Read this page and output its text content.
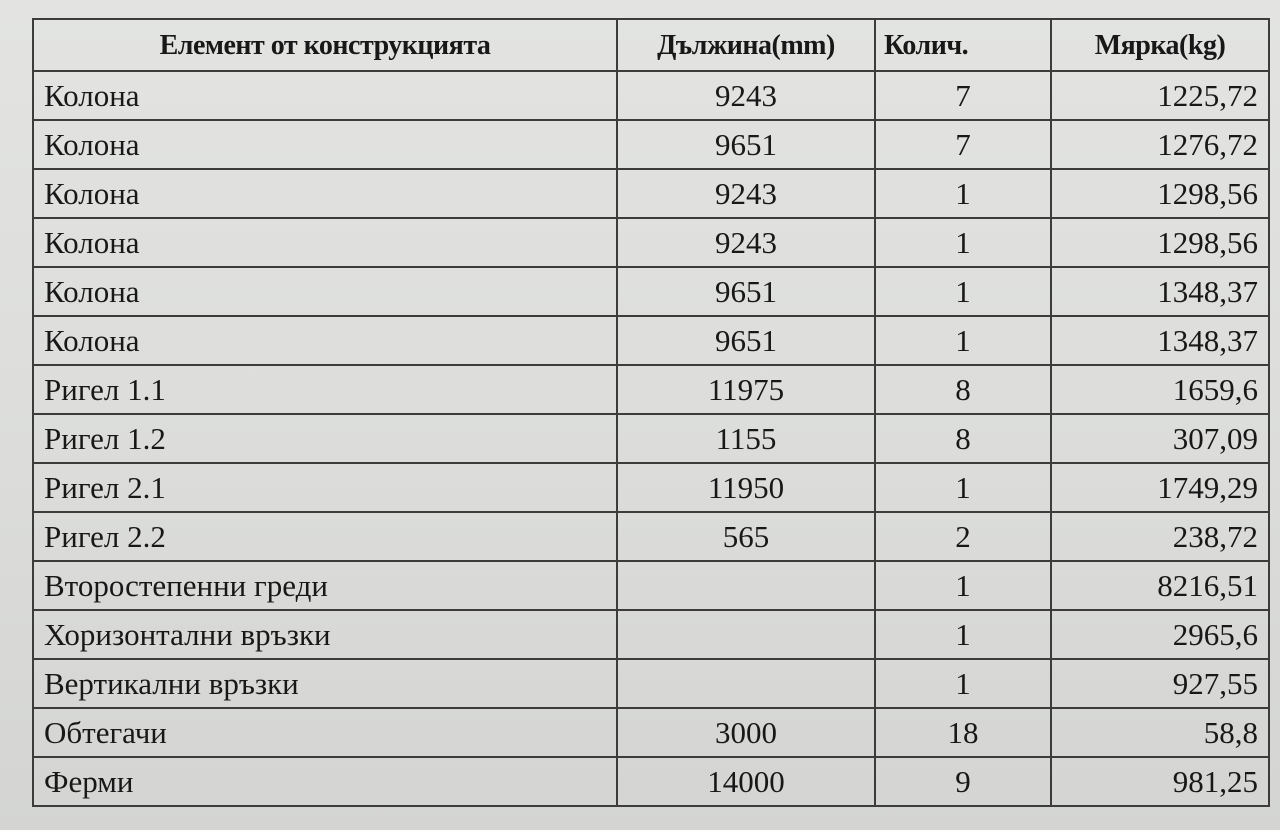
Елемент от конструкцията	Дължина(mm)	Колич.	Мярка(kg)
Колона	9243	7	1225,72
Колона	9651	7	1276,72
Колона	9243	1	1298,56
Колона	9243	1	1298,56
Колона	9651	1	1348,37
Колона	9651	1	1348,37
Ригел 1.1	11975	8	1659,6
Ригел 1.2	1155	8	307,09
Ригел 2.1	11950	1	1749,29
Ригел 2.2	565	2	238,72
Второстепенни греди		1	8216,51
Хоризонтални връзки		1	2965,6
Вертикални връзки		1	927,55
Обтегачи	3000	18	58,8
Ферми	14000	9	981,25
